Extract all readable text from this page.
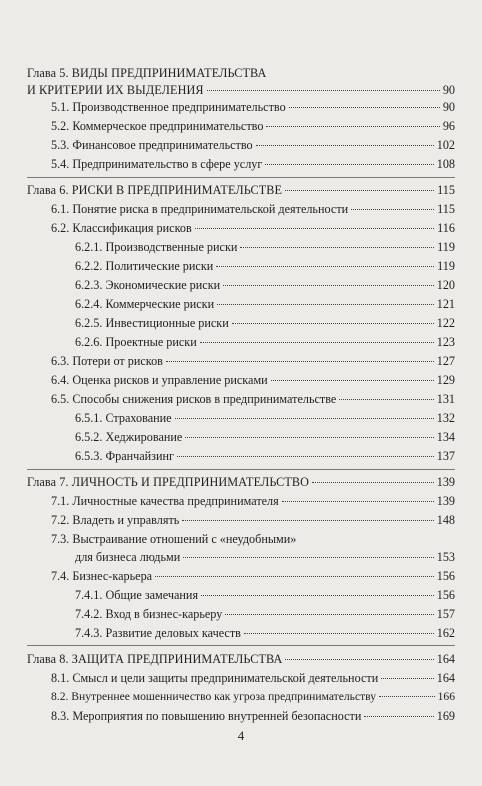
Глава 5. ВИДЫ ПРЕДПРИНИМАТЕЛЬСТВА
И КРИТЕРИИ ИХ ВЫДЕЛЕНИЯ	90
5.1. Производственное предпринимательство	90
5.2. Коммерческое предпринимательство	96
5.3. Финансовое предпринимательство	102
5.4. Предпринимательство в сфере услуг	108
Глава 6. РИСКИ В ПРЕДПРИНИМАТЕЛЬСТВЕ	115
6.1. Понятие риска в предпринимательской деятельности	115
6.2. Классификация рисков	116
6.2.1. Производственные риски	119
6.2.2. Политические риски	119
6.2.3. Экономические риски	120
6.2.4. Коммерческие риски	121
6.2.5. Инвестиционные риски	122
6.2.6. Проектные риски	123
6.3. Потери от рисков	127
6.4. Оценка рисков и управление рисками	129
6.5. Способы снижения рисков в предпринимательстве	131
6.5.1. Страхование	132
6.5.2. Хеджирование	134
6.5.3. Франчайзинг	137
Глава 7. ЛИЧНОСТЬ И ПРЕДПРИНИМАТЕЛЬСТВО	139
7.1. Личностные качества предпринимателя	139
7.2. Владеть и управлять	148
7.3. Выстраивание отношений с «неудобными»
для бизнеса людьми	153
7.4. Бизнес-карьера	156
7.4.1. Общие замечания	156
7.4.2. Вход в бизнес-карьеру	157
7.4.3. Развитие деловых качеств	162
Глава 8. ЗАЩИТА ПРЕДПРИНИМАТЕЛЬСТВА	164
8.1. Смысл и цели защиты предпринимательской деятельности	164
8.2. Внутреннее мошенничество как угроза предпринимательству	166
8.3. Мероприятия по повышению внутренней безопасности	169
4
